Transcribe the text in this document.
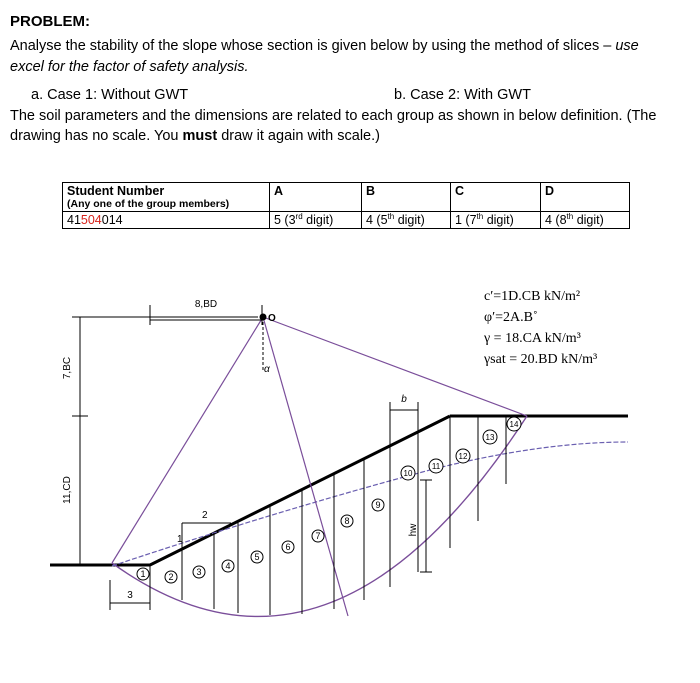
PROBLEM:
Analyse the stability of the slope whose section is given below by using the method of slices – use
excel for the factor of safety analysis.
a. Case 1: Without GWT	b. Case 2: With GWT
The soil parameters and the dimensions are related to each group as shown in below definition. (The
drawing has no scale. You must draw it again with scale.)
Student Number
(Any one of the group members)	A	B	C	D
41504014	5 (3rd digit)	4 (5th digit)	1 (7th digit)	4 (8th digit)
1	2	3
4
5
6
7
8
9
10
11
12
13
14
O
8,BD
α
7,BC
11,CD
3
1
2
b
hw
c′=1D.CB kN/m²
φ′=2A.B˚
γ = 18.CA kN/m³
γsat = 20.BD kN/m³
